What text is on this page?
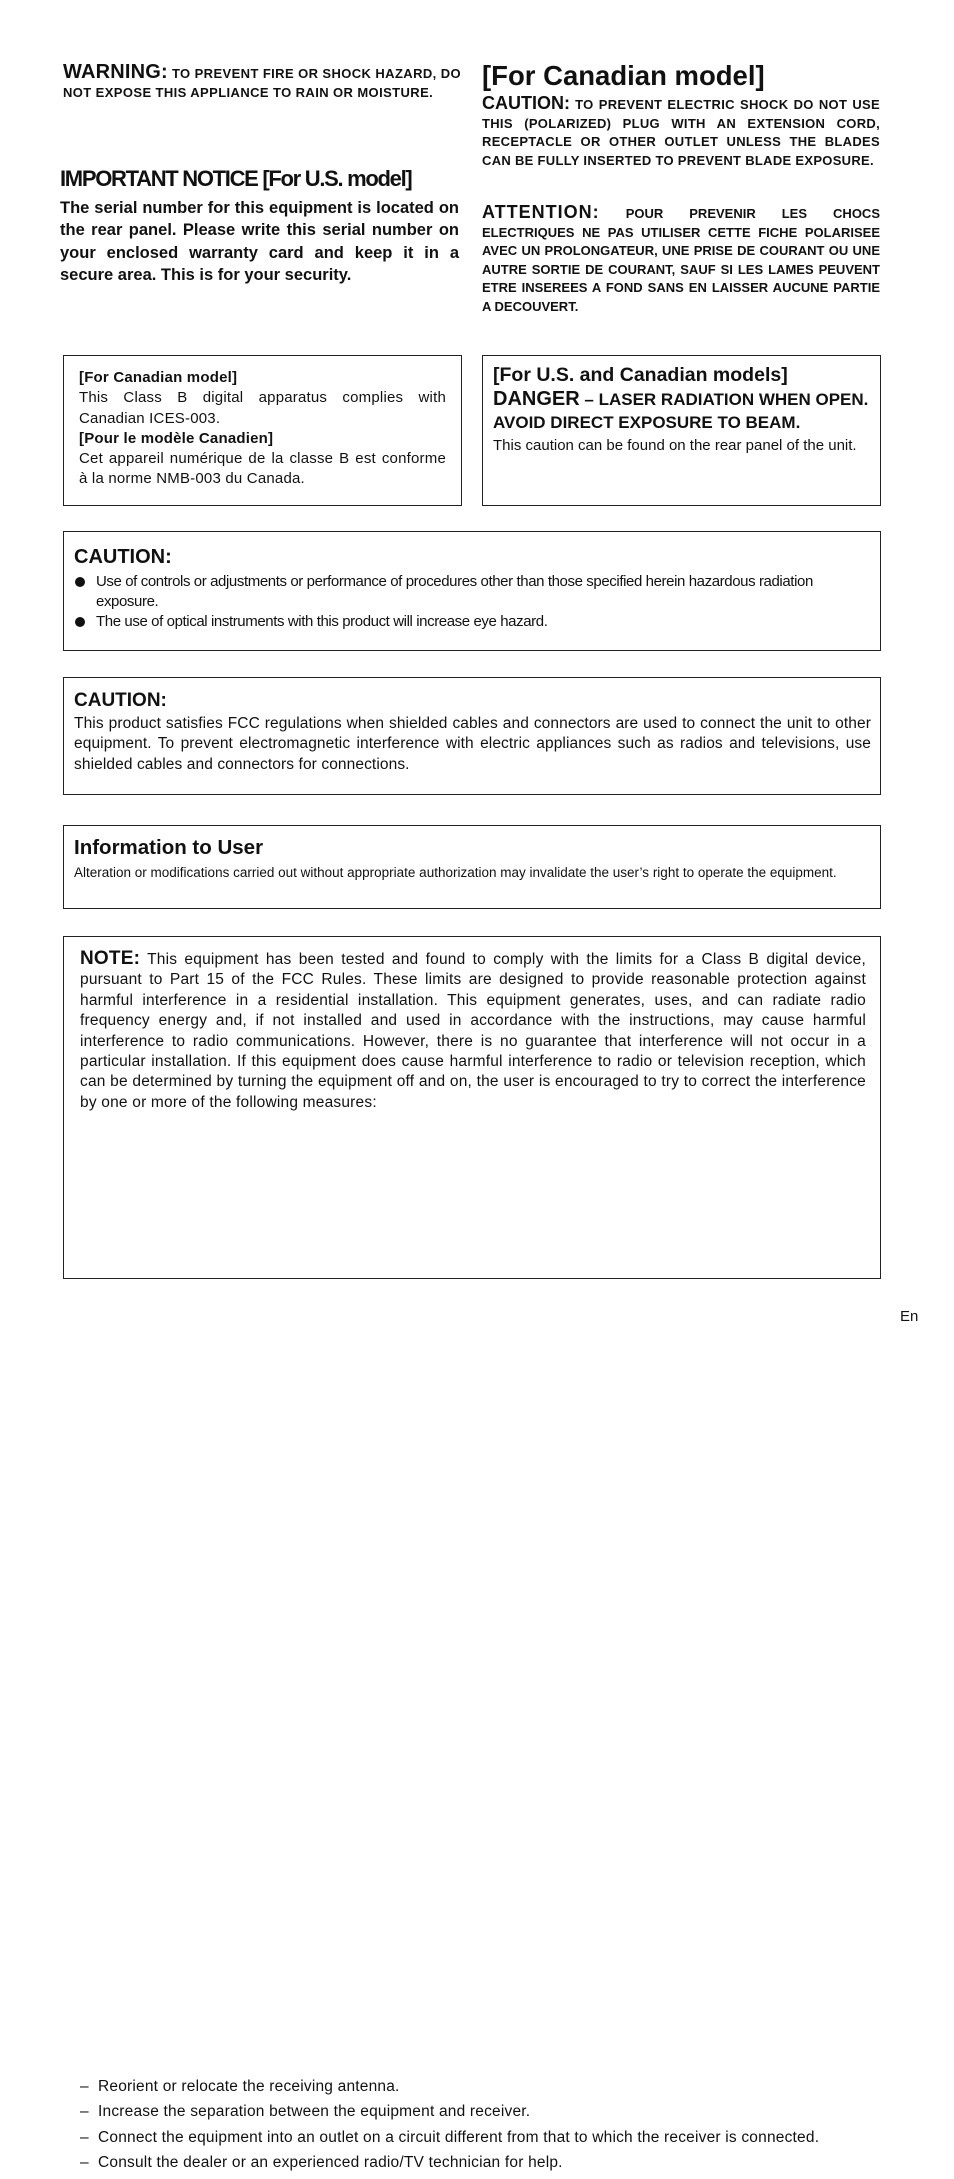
WARNING: TO PREVENT FIRE OR SHOCK HAZARD, DO NOT EXPOSE THIS APPLIANCE TO RAIN OR MOISTURE.
IMPORTANT NOTICE [For U.S. model]
The serial number for this equipment is located on the rear panel. Please write this serial number on your enclosed warranty card and keep it in a secure area. This is for your security.
[For Canadian model]
CAUTION: TO PREVENT ELECTRIC SHOCK DO NOT USE THIS (POLARIZED) PLUG WITH AN EXTENSION CORD, RECEPTACLE OR OTHER OUTLET UNLESS THE BLADES CAN BE FULLY INSERTED TO PREVENT BLADE EXPOSURE.
ATTENTION: POUR PREVENIR LES CHOCS ELECTRIQUES NE PAS UTILISER CETTE FICHE POLARISEE AVEC UN PROLONGATEUR, UNE PRISE DE COURANT OU UNE AUTRE SORTIE DE COURANT, SAUF SI LES LAMES PEUVENT ETRE INSEREES A FOND SANS EN LAISSER AUCUNE PARTIE A DECOUVERT.
[For Canadian model]
This Class B digital apparatus complies with Canadian ICES-003.
[Pour le modèle Canadien]
Cet appareil numérique de la classe B est conforme à la norme NMB-003 du Canada.
[For U.S. and Canadian models]
DANGER – LASER RADIATION WHEN OPEN. AVOID DIRECT EXPOSURE TO BEAM.
This caution can be found on the rear panel of the unit.
CAUTION:
Use of controls or adjustments or performance of procedures other than those specified herein hazardous radiation exposure.
The use of optical instruments with this product will increase eye hazard.
CAUTION:
This product satisfies FCC regulations when shielded cables and connectors are used to connect the unit to other equipment. To prevent electromagnetic interference with electric appliances such as radios and televisions, use shielded cables and connectors for connections.
Information to User
Alteration or modifications carried out without appropriate authorization may invalidate the user’s right to operate the equipment.
NOTE: This equipment has been tested and found to comply with the limits for a Class B digital device, pursuant to Part 15 of the FCC Rules. These limits are designed to provide reasonable protection against harmful interference in a residential installation. This equipment generates, uses, and can radiate radio frequency energy and, if not installed and used in accordance with the instructions, may cause harmful interference to radio communications. However, there is no guarantee that interference will not occur in a particular installation. If this equipment does cause harmful interference to radio or television reception, which can be determined by turning the equipment off and on, the user is encouraged to try to correct the interference by one or more of the following measures:
– Reorient or relocate the receiving antenna.
– Increase the separation between the equipment and receiver.
– Connect the equipment into an outlet on a circuit different from that to which the receiver is connected.
– Consult the dealer or an experienced radio/TV technician for help.
En
